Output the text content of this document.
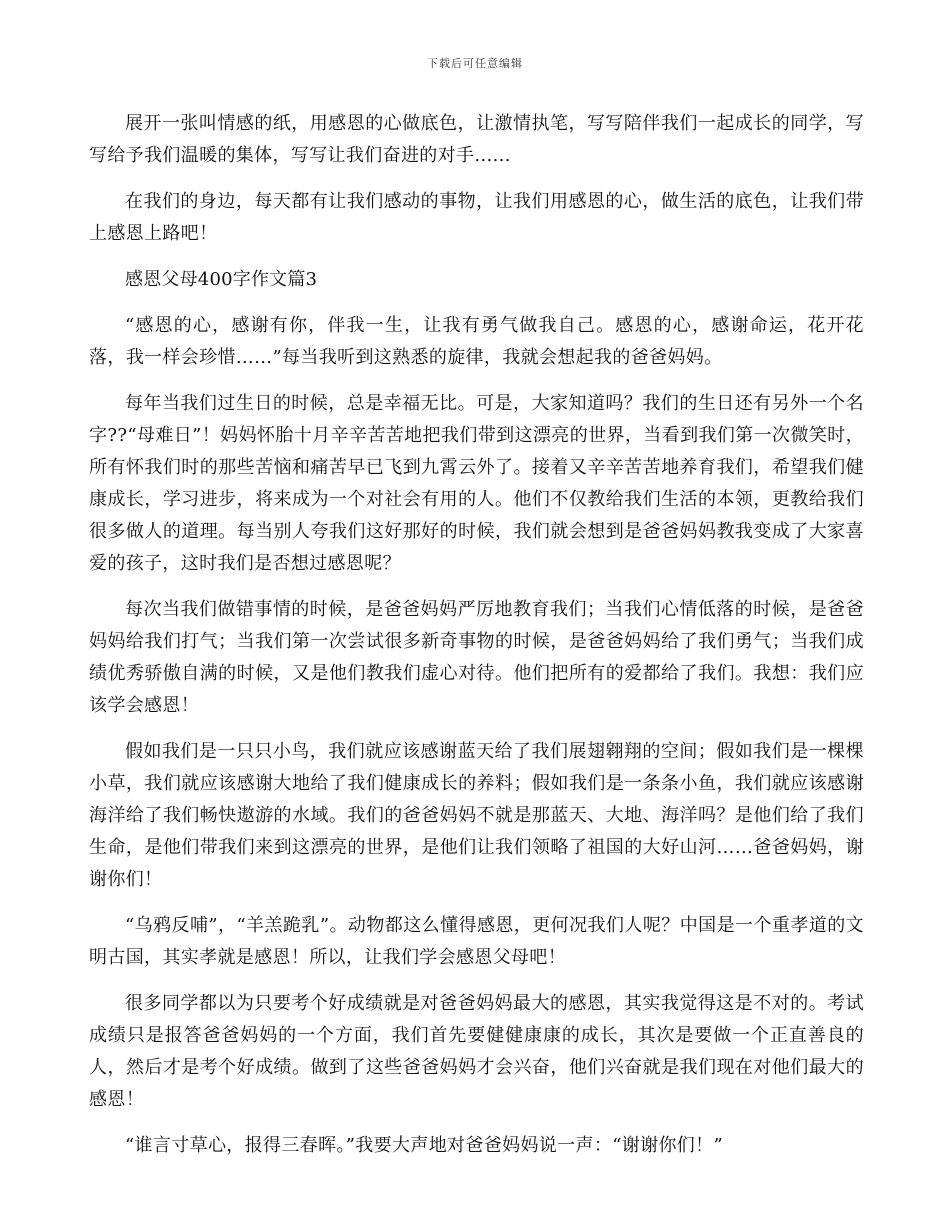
下载后可任意编辑

展开一张叫情感的纸，用感恩的心做底色，让激情执笔，写写陪伴我们一起成长的同学，写写给予我们温暖的集体，写写让我们奋进的对手......

在我们的身边，每天都有让我们感动的事物，让我们用感恩的心，做生活的底色，让我们带上感恩上路吧！

感恩父母400字作文篇3

“感恩的心，感谢有你，伴我一生，让我有勇气做我自己。感恩的心，感谢命运，花开花落，我一样会珍惜……”每当我听到这熟悉的旋律，我就会想起我的爸爸妈妈。

每年当我们过生日的时候，总是幸福无比。可是，大家知道吗？我们的生日还有另外一个名字??“母难日”！妈妈怀胎十月辛辛苦苦地把我们带到这漂亮的世界，当看到我们第一次微笑时，所有怀我们时的那些苦恼和痛苦早已飞到九霄云外了。接着又辛辛苦苦地养育我们，希望我们健康成长，学习进步，将来成为一个对社会有用的人。他们不仅教给我们生活的本领，更教给我们很多做人的道理。每当别人夸我们这好那好的时候，我们就会想到是爸爸妈妈教我变成了大家喜爱的孩子，这时我们是否想过感恩呢？

每次当我们做错事情的时候，是爸爸妈妈严厉地教育我们；当我们心情低落的时候，是爸爸妈妈给我们打气；当我们第一次尝试很多新奇事物的时候，是爸爸妈妈给了我们勇气；当我们成绩优秀骄傲自满的时候，又是他们教我们虚心对待。他们把所有的爱都给了我们。我想：我们应该学会感恩！

假如我们是一只只小鸟，我们就应该感谢蓝天给了我们展翅翱翔的空间；假如我们是一棵棵小草，我们就应该感谢大地给了我们健康成长的养料；假如我们是一条条小鱼，我们就应该感谢海洋给了我们畅快遨游的水域。我们的爸爸妈妈不就是那蓝天、大地、海洋吗？是他们给了我们生命，是他们带我们来到这漂亮的世界，是他们让我们领略了祖国的大好山河……爸爸妈妈，谢谢你们！

“乌鸦反哺”，“羊羔跪乳”。动物都这么懂得感恩，更何况我们人呢？中国是一个重孝道的文明古国，其实孝就是感恩！所以，让我们学会感恩父母吧！

很多同学都以为只要考个好成绩就是对爸爸妈妈最大的感恩，其实我觉得这是不对的。考试成绩只是报答爸爸妈妈的一个方面，我们首先要健健康康的成长，其次是要做一个正直善良的人，然后才是考个好成绩。做到了这些爸爸妈妈才会兴奋，他们兴奋就是我们现在对他们最大的感恩！

“谁言寸草心，报得三春晖。”我要大声地对爸爸妈妈说一声：“谢谢你们！”
